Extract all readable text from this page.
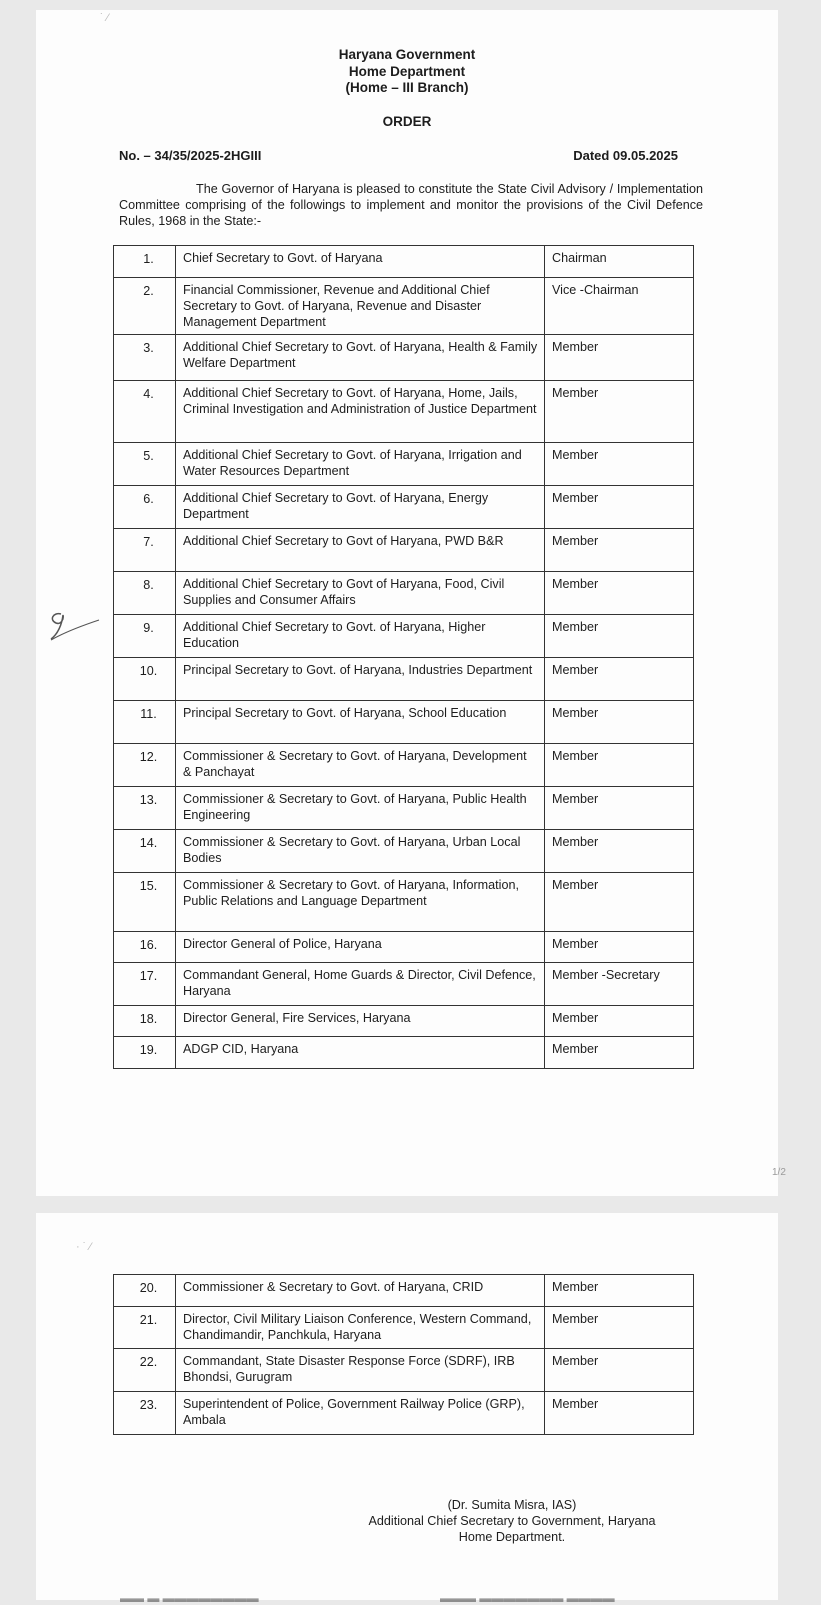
˙ ⁄
Haryana Government
Home Department
(Home – III Branch)
ORDER
No. – 34/35/2025-2HGIII	Dated 09.05.2025
The Governor of Haryana is pleased to constitute the State Civil Advisory / Implementation Committee comprising of the followings to implement and monitor the provisions of the Civil Defence Rules, 1968 in the State:-
1.	Chief Secretary to Govt. of Haryana	Chairman

2.	Financial Commissioner, Revenue and Additional Chief Secretary to Govt. of Haryana, Revenue and Disaster Management Department	Vice -Chairman

3.	Additional Chief Secretary to Govt. of Haryana, Health & Family Welfare Department	Member

4.	Additional Chief Secretary to Govt. of Haryana, Home, Jails, Criminal Investigation and Administration of Justice Department	Member

5.	Additional Chief Secretary to Govt. of Haryana, Irrigation and Water Resources Department	Member

6.	Additional Chief Secretary to Govt. of Haryana, Energy Department	Member

7.	Additional Chief Secretary to Govt of Haryana, PWD B&R	Member

8.	Additional Chief Secretary to Govt of Haryana, Food, Civil Supplies and Consumer Affairs	Member

9.	Additional Chief Secretary to Govt. of Haryana, Higher Education	Member

10.	Principal Secretary to Govt. of Haryana, Industries Department	Member

11.	Principal Secretary to Govt. of Haryana, School Education	Member

12.	Commissioner & Secretary to Govt. of Haryana, Development & Panchayat	Member

13.	Commissioner & Secretary to Govt. of Haryana, Public Health Engineering	Member

14.	Commissioner & Secretary to Govt. of Haryana, Urban Local Bodies	Member

15.	Commissioner & Secretary to Govt. of Haryana, Information, Public Relations and Language Department	Member

16.	Director General of Police, Haryana	Member

17.	Commandant General, Home Guards & Director, Civil Defence, Haryana	Member -Secretary

18.	Director General, Fire Services, Haryana	Member

19.	ADGP CID, Haryana	Member
1/2
· ˙ ⁄
20.	Commissioner & Secretary to Govt. of Haryana, CRID	Member

21.	Director, Civil Military Liaison Conference, Western Command, Chandimandir, Panchkula, Haryana	Member

22.	Commandant, State Disaster Response Force (SDRF), IRB Bhondsi, Gurugram	Member

23.	Superintendent of Police, Government Railway Police (GRP), Ambala	Member
(Dr. Sumita Misra, IAS)
Additional Chief Secretary to Government, Haryana
Home Department.
▬▬ ▬ ▬▬▬▬▬▬▬▬	▬▬▬ ▬▬▬▬▬▬▬ ▬▬▬▬
